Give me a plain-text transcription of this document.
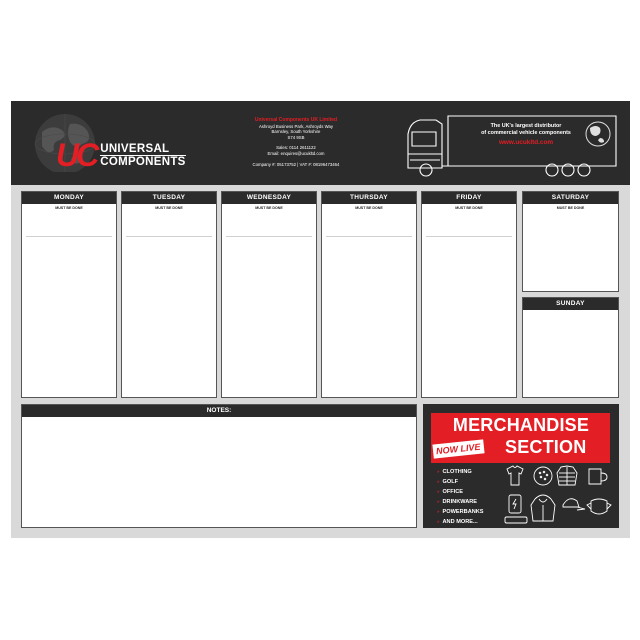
UC UNIVERSAL
COMPONENTS
Universal Components UK Limited
Ashroyd Business Park, Ashroyds Way
Barnsley, South Yorkshire
S74 9SB
Sales: 0114 2611122
Email: enquires@ucukltd.com
Company #: 05173752 | VAT #: 08196473464
The UK's largest distributor
of commercial vehicle components
www.ucukltd.com
MONDAY
MUST BE DONE
TUESDAY
MUST BE DONE
WEDNESDAY
MUST BE DONE
THURSDAY
MUST BE DONE
FRIDAY
MUST BE DONE
SATURDAY
MUST BE DONE
SUNDAY
NOTES:
MERCHANDISE
SECTION
NOW LIVE
» CLOTHING
» GOLF
» OFFICE
» DRINKWARE
» POWERBANKS
» AND MORE...
